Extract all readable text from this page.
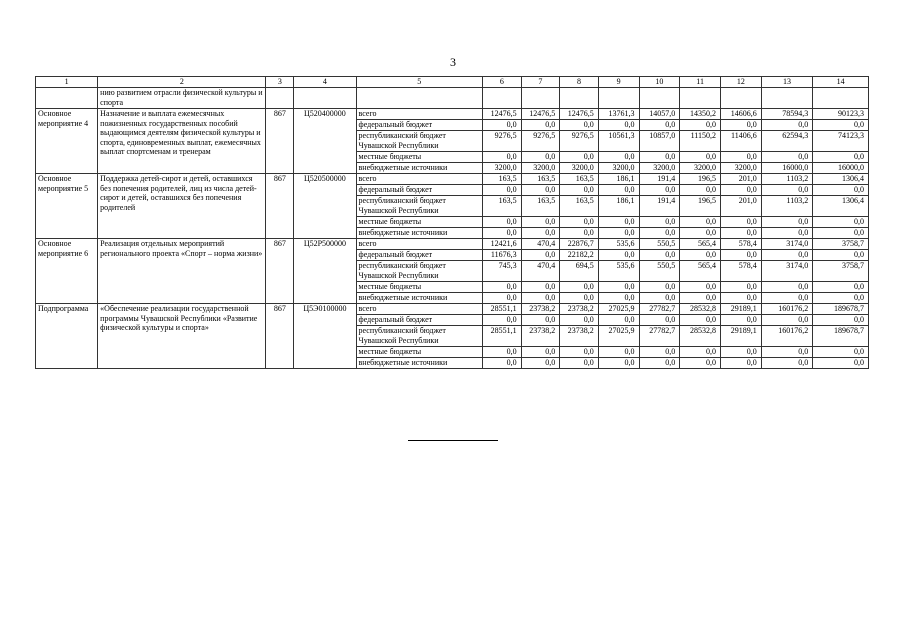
3
1	2	3	4	5	6	7	8	9	10	11	12	13	14
	нию развитием отрасли физической культуры и спорта												
Основное мероприятие 4	Назначение и выплата ежемесячных пожизненных государственных пособий выдающимся деятелям физической культуры и спорта, единовременных выплат, ежемесячных выплат спортсменам и тренерам	867	Ц520400000	всего	12476,5	12476,5	12476,5	13761,3	14057,0	14350,2	14606,6	78594,3	90123,3
				федеральный бюджет	0,0	0,0	0,0	0,0	0,0	0,0	0,0	0,0	0,0
				республиканский бюджет Чувашской Республики	9276,5	9276,5	9276,5	10561,3	10857,0	11150,2	11406,6	62594,3	74123,3
				местные бюджеты	0,0	0,0	0,0	0,0	0,0	0,0	0,0	0,0	0,0
				внебюджетные источники	3200,0	3200,0	3200,0	3200,0	3200,0	3200,0	3200,0	16000,0	16000,0
Основное мероприятие 5	Поддержка детей-сирот и детей, оставшихся без попечения родителей, лиц из числа детей-сирот и детей, оставшихся без попечения родителей	867	Ц520500000	всего	163,5	163,5	163,5	186,1	191,4	196,5	201,0	1103,2	1306,4
				федеральный бюджет	0,0	0,0	0,0	0,0	0,0	0,0	0,0	0,0	0,0
				республиканский бюджет Чувашской Республики	163,5	163,5	163,5	186,1	191,4	196,5	201,0	1103,2	1306,4
				местные бюджеты	0,0	0,0	0,0	0,0	0,0	0,0	0,0	0,0	0,0
				внебюджетные источники	0,0	0,0	0,0	0,0	0,0	0,0	0,0	0,0	0,0
Основное мероприятие 6	Реализация отдельных мероприятий регионального проекта «Спорт – норма жизни»	867	Ц52Р500000	всего	12421,6	470,4	22876,7	535,6	550,5	565,4	578,4	3174,0	3758,7
				федеральный бюджет	11676,3	0,0	22182,2	0,0	0,0	0,0	0,0	0,0	0,0
				республиканский бюджет Чувашской Республики	745,3	470,4	694,5	535,6	550,5	565,4	578,4	3174,0	3758,7
				местные бюджеты	0,0	0,0	0,0	0,0	0,0	0,0	0,0	0,0	0,0
				внебюджетные источники	0,0	0,0	0,0	0,0	0,0	0,0	0,0	0,0	0,0
Подпрограмма	«Обеспечение реализации государственной программы Чувашской Республики «Развитие физической культуры и спорта»	867	Ц5Э0100000	всего	28551,1	23738,2	23738,2	27025,9	27782,7	28532,8	29189,1	160176,2	189678,7
				федеральный бюджет	0,0	0,0	0,0	0,0	0,0	0,0	0,0	0,0	0,0
				республиканский бюджет Чувашской Республики	28551,1	23738,2	23738,2	27025,9	27782,7	28532,8	29189,1	160176,2	189678,7
				местные бюджеты	0,0	0,0	0,0	0,0	0,0	0,0	0,0	0,0	0,0
				внебюджетные источники	0,0	0,0	0,0	0,0	0,0	0,0	0,0	0,0	0,0
